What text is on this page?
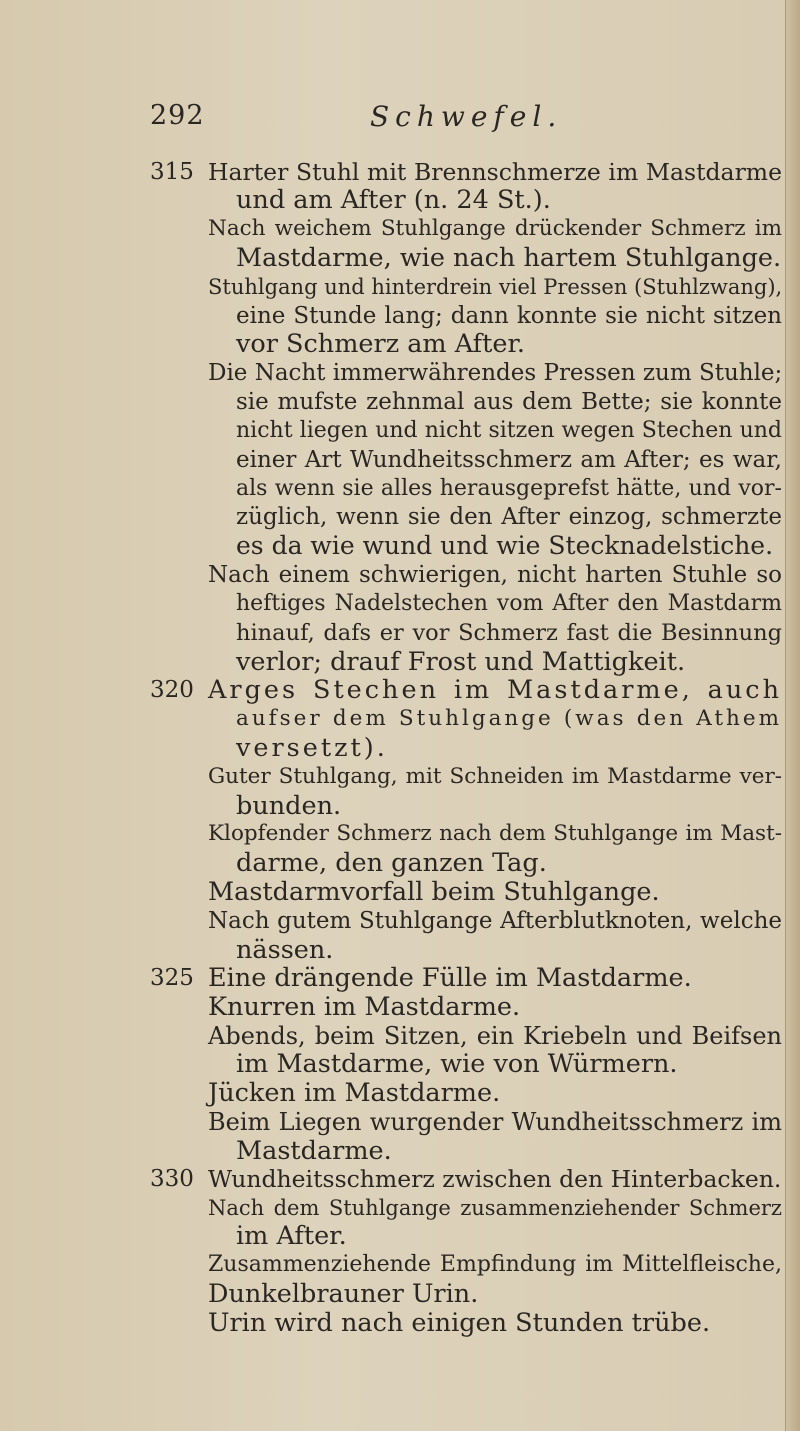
292	Schwefel.
315 Harter Stuhl mit Brennschmerze im Mastdarme
und am After (n. 24 St.).
Nach weichem Stuhlgange drückender Schmerz im
Mastdarme, wie nach hartem Stuhlgange.
Stuhlgang und hinterdrein viel Pressen (Stuhlzwang),
eine Stunde lang; dann konnte sie nicht sitzen
vor Schmerz am After.
Die Nacht immerwährendes Pressen zum Stuhle;
sie mufste zehnmal aus dem Bette; sie konnte
nicht liegen und nicht sitzen wegen Stechen und
einer Art Wundheitsschmerz am After; es war,
als wenn sie alles herausgeprefst hätte, und vor-
züglich, wenn sie den After einzog, schmerzte
es da wie wund und wie Stecknadelstiche.
Nach einem schwierigen, nicht harten Stuhle so
heftiges Nadelstechen vom After den Mastdarm
hinauf, dafs er vor Schmerz fast die Besinnung
verlor; drauf Frost und Mattigkeit.
320 Arges Stechen im Mastdarme, auch
aufser dem Stuhlgange (was den Athem
versetzt).
Guter Stuhlgang, mit Schneiden im Mastdarme ver-
bunden.
Klopfender Schmerz nach dem Stuhlgange im Mast-
darme, den ganzen Tag.
Mastdarmvorfall beim Stuhlgange.
Nach gutem Stuhlgange Afterblutknoten, welche
nässen.
325 Eine drängende Fülle im Mastdarme.
Knurren im Mastdarme.
Abends, beim Sitzen, ein Kriebeln und Beifsen
im Mastdarme, wie von Würmern.
Jücken im Mastdarme.
Beim Liegen wurgender Wundheitsschmerz im
Mastdarme.
330 Wundheitsschmerz zwischen den Hinterbacken.
Nach dem Stuhlgange zusammenziehender Schmerz
im After.
Zusammenziehende Empfindung im Mittelfleische,
Dunkelbrauner Urin.
Urin wird nach einigen Stunden trübe.
